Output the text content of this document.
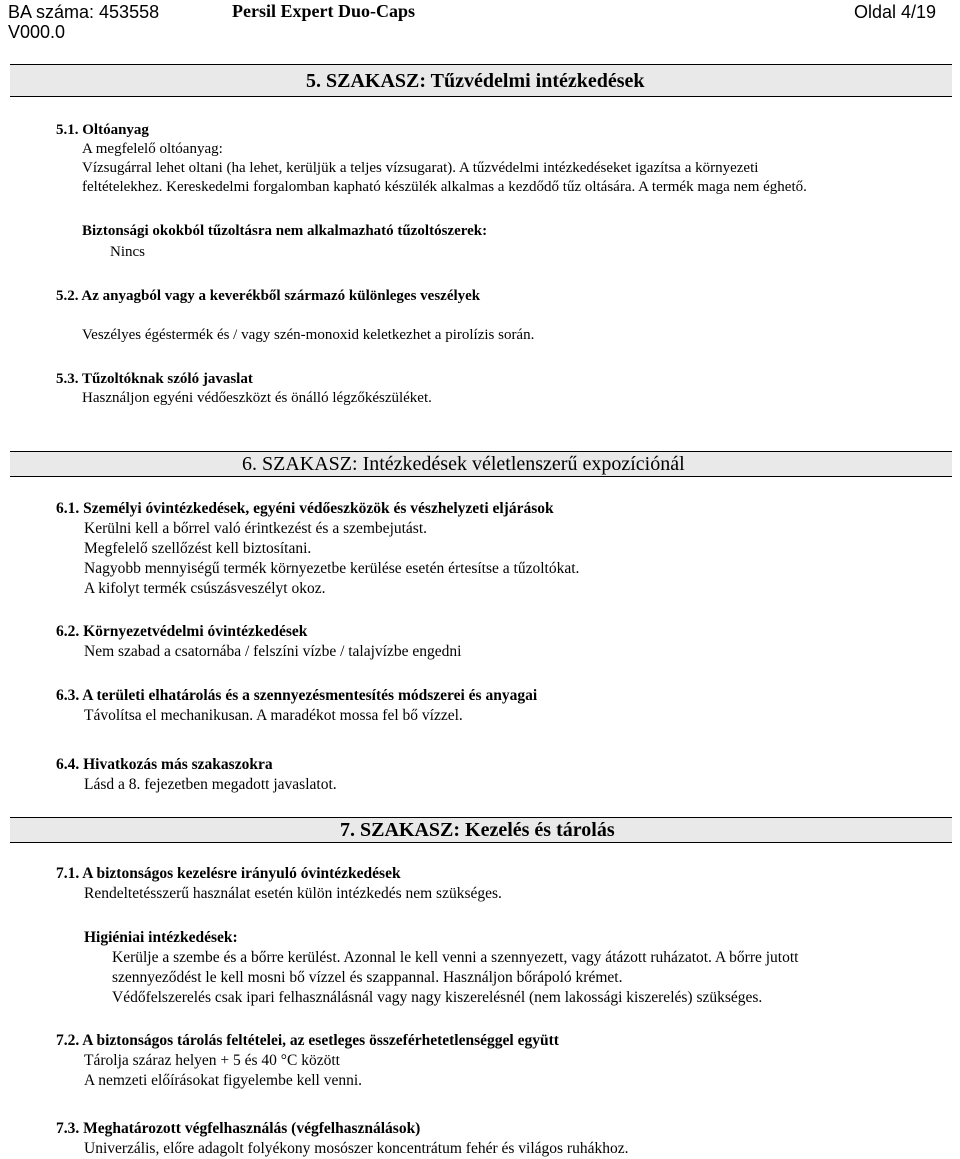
BA száma: 453558
V000.0
Persil Expert Duo-Caps	Oldal 4/19
5. SZAKASZ: Tűzvédelmi intézkedések
5.1. Oltóanyag
A megfelelő oltóanyag:
Vízsugárral lehet oltani (ha lehet, kerüljük a teljes vízsugarat). A tűzvédelmi intézkedéseket igazítsa a környezeti
feltételekhez. Kereskedelmi forgalomban kapható készülék alkalmas a kezdődő tűz oltására. A termék maga nem éghető.
Biztonsági okokból tűzoltásra nem alkalmazható tűzoltószerek:
Nincs
5.2. Az anyagból vagy a keverékből származó különleges veszélyek
Veszélyes égéstermék és / vagy szén-monoxid keletkezhet a pirolízis során.
5.3. Tűzoltóknak szóló javaslat
Használjon egyéni védőeszközt és önálló légzőkészüléket.
6. SZAKASZ: Intézkedések véletlenszerű expozíciónál
6.1. Személyi óvintézkedések, egyéni védőeszközök és vészhelyzeti eljárások
Kerülni kell a bőrrel való érintkezést és a szembejutást.
Megfelelő szellőzést kell biztosítani.
Nagyobb mennyiségű termék környezetbe kerülése esetén értesítse a tűzoltókat.
A kifolyt termék csúszásveszélyt okoz.
6.2. Környezetvédelmi óvintézkedések
Nem szabad a csatornába / felszíni vízbe / talajvízbe engedni
6.3. A területi elhatárolás és a szennyezésmentesítés módszerei és anyagai
Távolítsa el mechanikusan. A maradékot mossa fel bő vízzel.
6.4. Hivatkozás más szakaszokra
Lásd a 8. fejezetben megadott javaslatot.
7. SZAKASZ: Kezelés és tárolás
7.1. A biztonságos kezelésre irányuló óvintézkedések
Rendeltetésszerű használat esetén külön intézkedés nem szükséges.
Higiéniai intézkedések:
Kerülje a szembe és a bőrre kerülést. Azonnal le kell venni a szennyezett, vagy átázott ruházatot. A bőrre jutott
szennyeződést le kell mosni bő vízzel és szappannal. Használjon bőrápoló krémet.
Védőfelszerelés csak ipari felhasználásnál vagy nagy kiszerelésnél (nem lakossági kiszerelés) szükséges.
7.2. A biztonságos tárolás feltételei, az esetleges összeférhetetlenséggel együtt
Tárolja száraz helyen + 5 és 40 °C között
A nemzeti előírásokat figyelembe kell venni.
7.3. Meghatározott végfelhasználás (végfelhasználások)
Univerzális, előre adagolt folyékony mosószer koncentrátum fehér és világos ruhákhoz.
